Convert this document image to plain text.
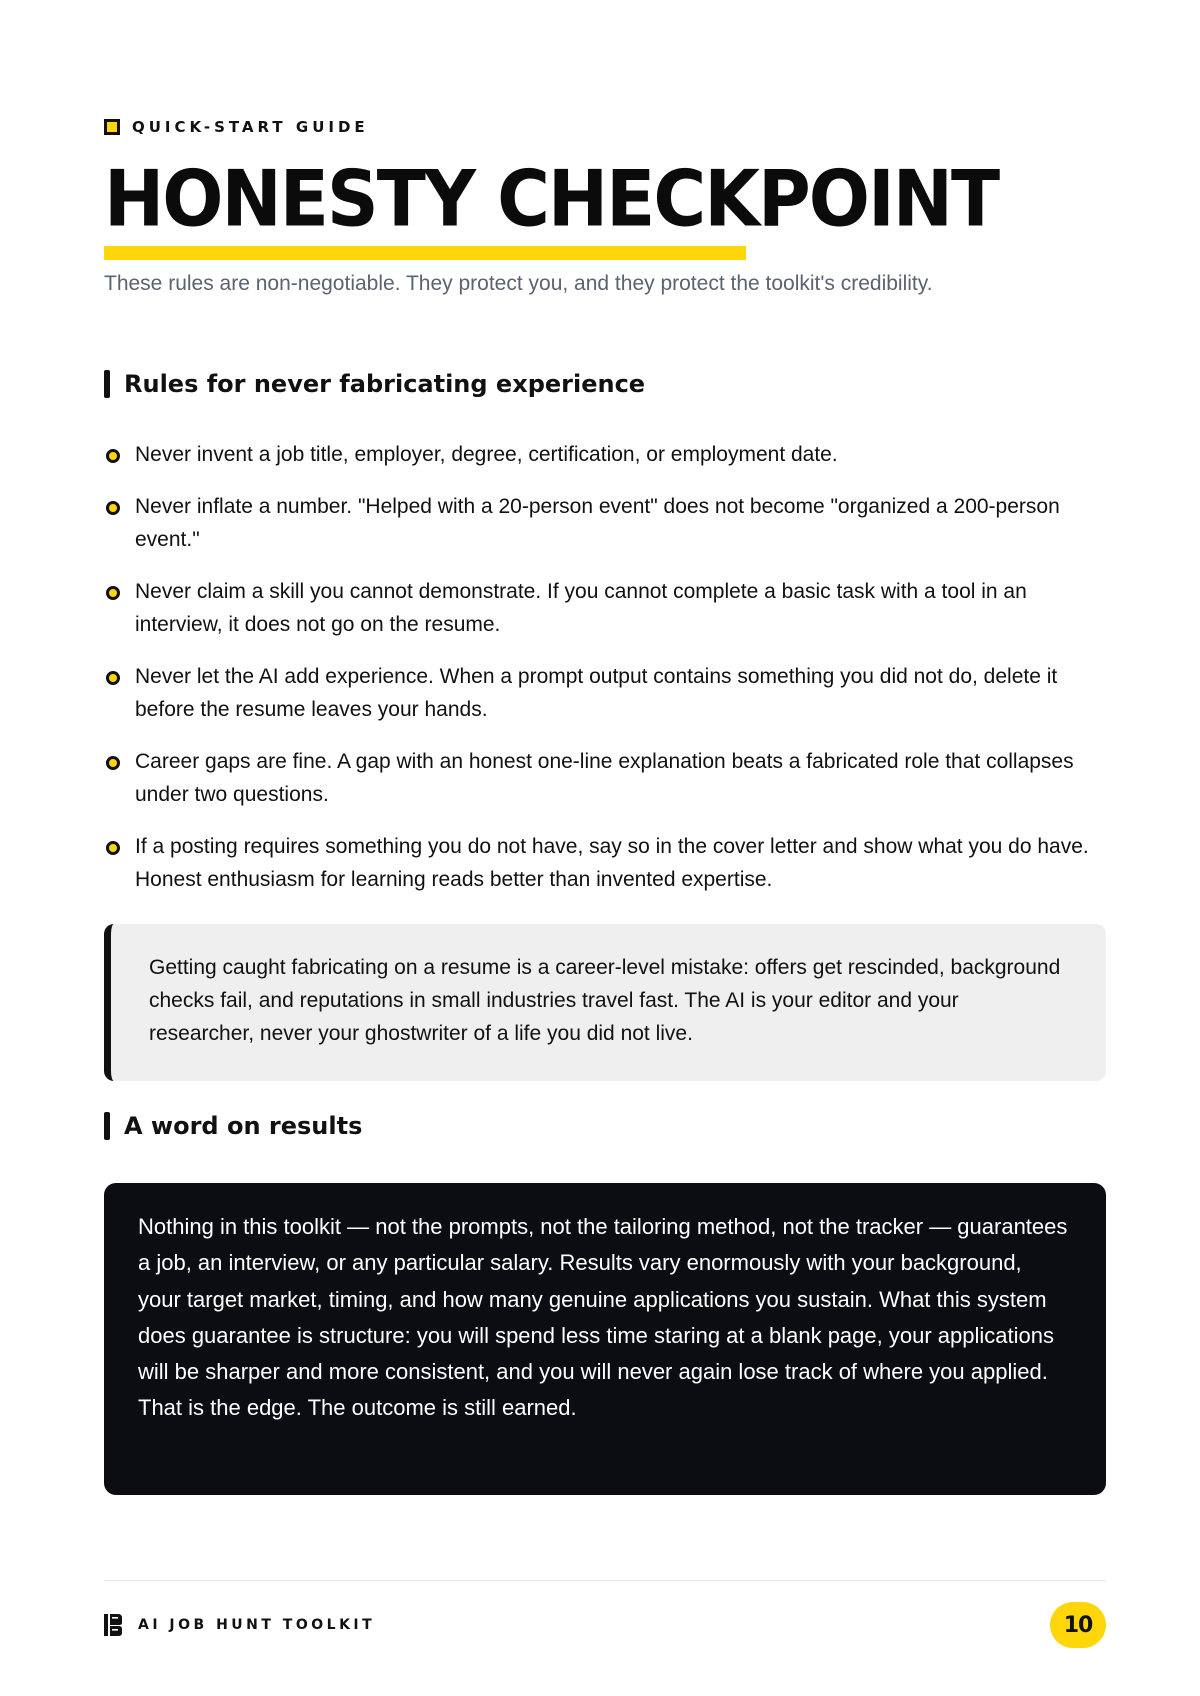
QUICK-START GUIDE
HONESTY CHECKPOINT

These rules are non-negotiable. They protect you, and they protect the toolkit's credibility.

Rules for never fabricating experience
Never invent a job title, employer, degree, certification, or employment date.
Never inflate a number. "Helped with a 20-person event" does not become "organized a 200-person event."
Never claim a skill you cannot demonstrate. If you cannot complete a basic task with a tool in an interview, it does not go on the resume.
Never let the AI add experience. When a prompt output contains something you did not do, delete it before the resume leaves your hands.
Career gaps are fine. A gap with an honest one-line explanation beats a fabricated role that collapses under two questions.
If a posting requires something you do not have, say so in the cover letter and show what you do have. Honest enthusiasm for learning reads better than invented expertise.

Getting caught fabricating on a resume is a career-level mistake: offers get rescinded, background checks fail, and reputations in small industries travel fast. The AI is your editor and your researcher, never your ghostwriter of a life you did not live.

A word on results

Nothing in this toolkit — not the prompts, not the tailoring method, not the tracker — guarantees a job, an interview, or any particular salary. Results vary enormously with your background, your target market, timing, and how many genuine applications you sustain. What this system does guarantee is structure: you will spend less time staring at a blank page, your applications will be sharper and more consistent, and you will never again lose track of where you applied. That is the edge. The outcome is still earned.

AI JOB HUNT TOOLKIT	10
